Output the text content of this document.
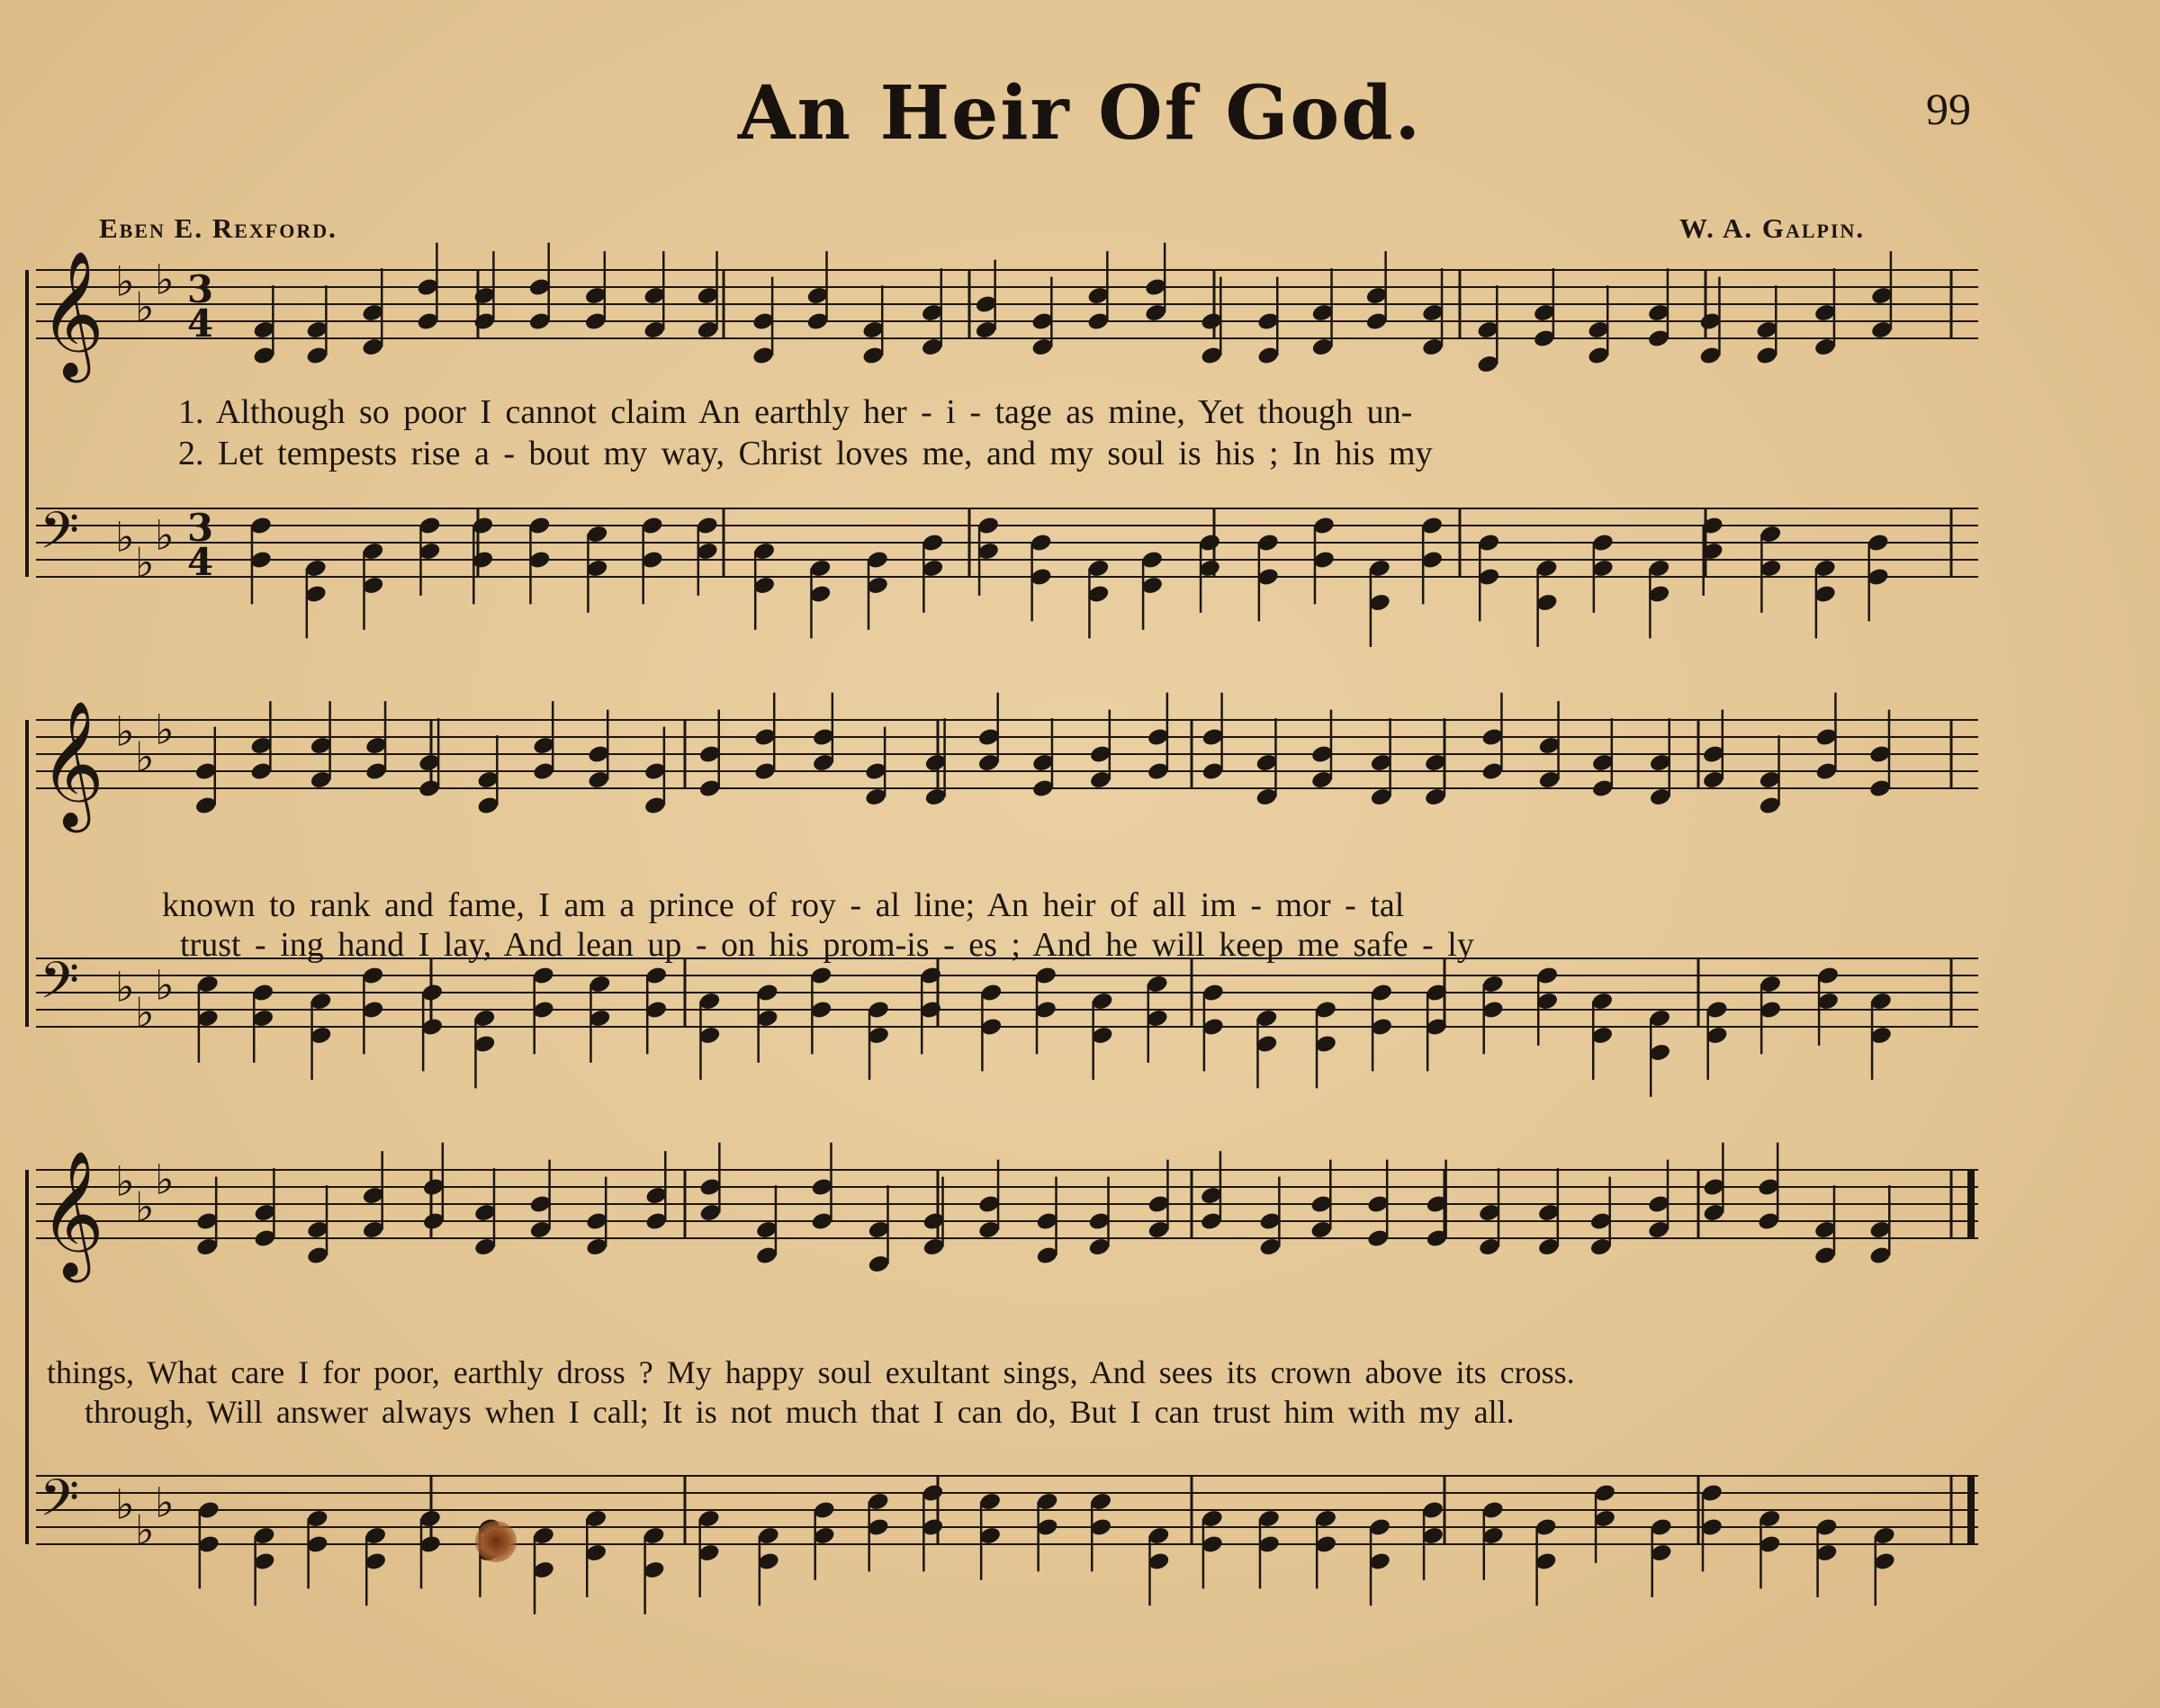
An Heir Of God.	99
Eben E. Rexford.	W. A. Galpin.
𝄞 ♭
♭
♭ 3
4
𝄢 ♭
♭
♭ 3
4
1. Although so poor I cannot claim An earthly her - i - tage as mine, Yet though un-
2. Let tempests rise a - bout my way, Christ loves me, and my soul is his ; In his my
𝄞 ♭
♭
♭
𝄢 ♭
♭
♭
known to rank and fame, I am a prince of roy - al line; An heir of all im - mor - tal
trust - ing hand I lay, And lean up - on his prom-is - es ; And he will keep me safe - ly
𝄞 ♭
♭
♭
𝄢 ♭
♭
♭
things, What care I for poor, earthly dross ? My happy soul exultant sings, And sees its crown above its cross.
through, Will answer always when I call; It is not much that I can do, But I can trust him with my all.
